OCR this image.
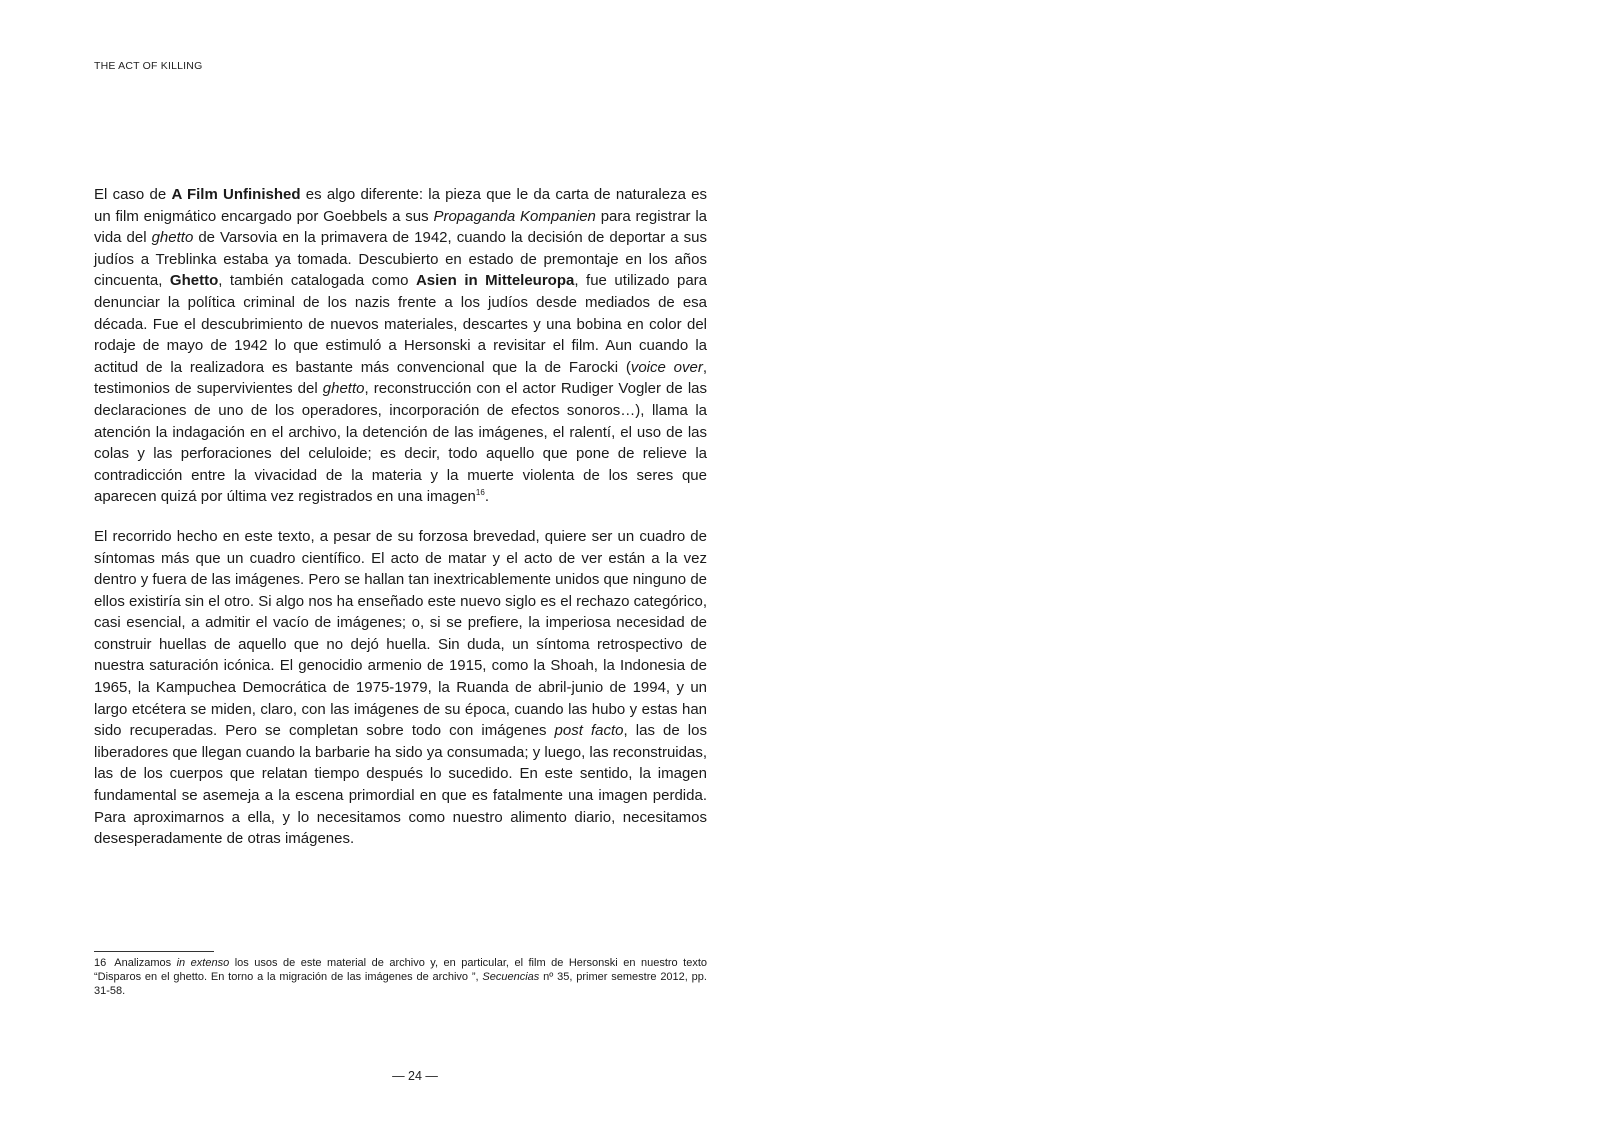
THE ACT OF KILLING

El caso de A Film Unfinished es algo diferente: la pieza que le da carta de naturaleza es un film enigmático encargado por Goebbels a sus Propaganda Kompanien para registrar la vida del ghetto de Varsovia en la primavera de 1942, cuando la decisión de deportar a sus judíos a Treblinka estaba ya tomada. Descubierto en estado de premontaje en los años cincuenta, Ghetto, también catalogada como Asien in Mitteleuropa, fue utilizado para denunciar la política criminal de los nazis frente a los judíos desde mediados de esa década. Fue el descubrimiento de nuevos materiales, descartes y una bobina en color del rodaje de mayo de 1942 lo que estimuló a Hersonski a revisitar el film. Aun cuando la actitud de la realizadora es bastante más convencional que la de Farocki (voice over, testimonios de supervivientes del ghetto, reconstrucción con el actor Rudiger Vogler de las declaraciones de uno de los operadores, incorporación de efectos sonoros…), llama la atención la indagación en el archivo, la detención de las imágenes, el ralentí, el uso de las colas y las perforaciones del celuloide; es decir, todo aquello que pone de relieve la contradicción entre la vivacidad de la materia y la muerte violenta de los seres que aparecen quizá por última vez registrados en una imagen$^{16}$.

El recorrido hecho en este texto, a pesar de su forzosa brevedad, quiere ser un cuadro de síntomas más que un cuadro científico. El acto de matar y el acto de ver están a la vez dentro y fuera de las imágenes. Pero se hallan tan inextricablemente unidos que ninguno de ellos existiría sin el otro. Si algo nos ha enseñado este nuevo siglo es el rechazo categórico, casi esencial, a admitir el vacío de imágenes; o, si se prefiere, la imperiosa necesidad de construir huellas de aquello que no dejó huella. Sin duda, un síntoma retrospectivo de nuestra saturación icónica. El genocidio armenio de 1915, como la Shoah, la Indonesia de 1965, la Kampuchea Democrática de 1975-1979, la Ruanda de abril-junio de 1994, y un largo etcétera se miden, claro, con las imágenes de su época, cuando las hubo y estas han sido recuperadas. Pero se completan sobre todo con imágenes post facto, las de los liberadores que llegan cuando la barbarie ha sido ya consumada; y luego, las reconstruidas, las de los cuerpos que relatan tiempo después lo sucedido. En este sentido, la imagen fundamental se asemeja a la escena primordial en que es fatalmente una imagen perdida. Para aproximarnos a ella, y lo necesitamos como nuestro alimento diario, necesitamos desesperadamente de otras imágenes.

16 Analizamos in extenso los usos de este material de archivo y, en particular, el film de Hersonski en nuestro texto “Disparos en el ghetto. En torno a la migración de las imágenes de archivo ”, Secuencias nº 35, primer semestre 2012, pp. 31-58.
— 24 —
